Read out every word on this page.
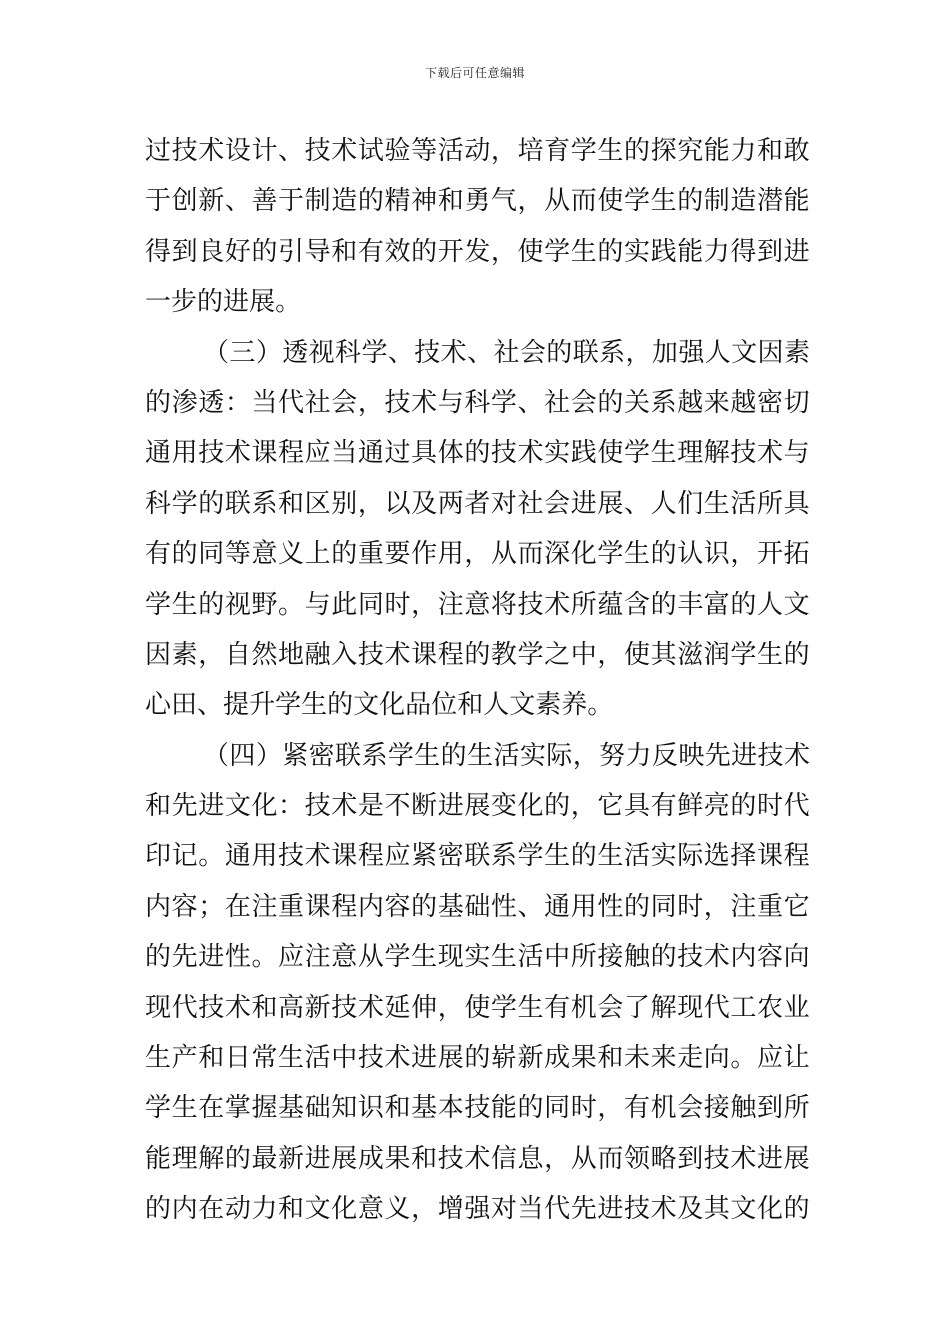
下载后可任意编辑
过 技 术 设 计 、 技 术 试 验 等 活 动 ， 培 育 学 生 的 探 究 能 力 和 敢
于 创 新 、 善 于 制 造 的 精 神 和 勇 气 ， 从 而 使 学 生 的 制 造 潜 能
得 到 良 好 的 引 导 和 有 效 的 开 发 ， 使 学 生 的 实 践 能 力 得 到 进
一 步 的 进 展 。
（ 三 ） 透 视 科 学 、 技 术 、 社 会 的 联 系 ， 加 强 人 文 因 素
的 渗 透 ： 当 代 社 会 ， 技 术 与 科 学 、 社 会 的 关 系 越 来 越 密 切
通 用 技 术 课 程 应 当 通 过 具 体 的 技 术 实 践 使 学 生 理 解 技 术 与
科 学 的 联 系 和 区 别 ， 以 及 两 者 对 社 会 进 展 、 人 们 生 活 所 具
有 的 同 等 意 义 上 的 重 要 作 用 ， 从 而 深 化 学 生 的 认 识 ， 开 拓
学 生 的 视 野 。 与 此 同 时 ， 注 意 将 技 术 所 蕴 含 的 丰 富 的 人 文
因 素 ， 自 然 地 融 入 技 术 课 程 的 教 学 之 中 ， 使 其 滋 润 学 生 的
心 田 、 提 升 学 生 的 文 化 品 位 和 人 文 素 养 。
（ 四 ） 紧 密 联 系 学 生 的 生 活 实 际 ， 努 力 反 映 先 进 技 术
和 先 进 文 化 ： 技 术 是 不 断 进 展 变 化 的 ， 它 具 有 鲜 亮 的 时 代
印 记 。 通 用 技 术 课 程 应 紧 密 联 系 学 生 的 生 活 实 际 选 择 课 程
内 容 ； 在 注 重 课 程 内 容 的 基 础 性 、 通 用 性 的 同 时 ， 注 重 它
的 先 进 性 。 应 注 意 从 学 生 现 实 生 活 中 所 接 触 的 技 术 内 容 向
现 代 技 术 和 高 新 技 术 延 伸 ， 使 学 生 有 机 会 了 解 现 代 工 农 业
生 产 和 日 常 生 活 中 技 术 进 展 的 崭 新 成 果 和 未 来 走 向 。 应 让
学 生 在 掌 握 基 础 知 识 和 基 本 技 能 的 同 时 ， 有 机 会 接 触 到 所
能 理 解 的 最 新 进 展 成 果 和 技 术 信 息 ， 从 而 领 略 到 技 术 进 展
的 内 在 动 力 和 文 化 意 义 ， 增 强 对 当 代 先 进 技 术 及 其 文 化 的
